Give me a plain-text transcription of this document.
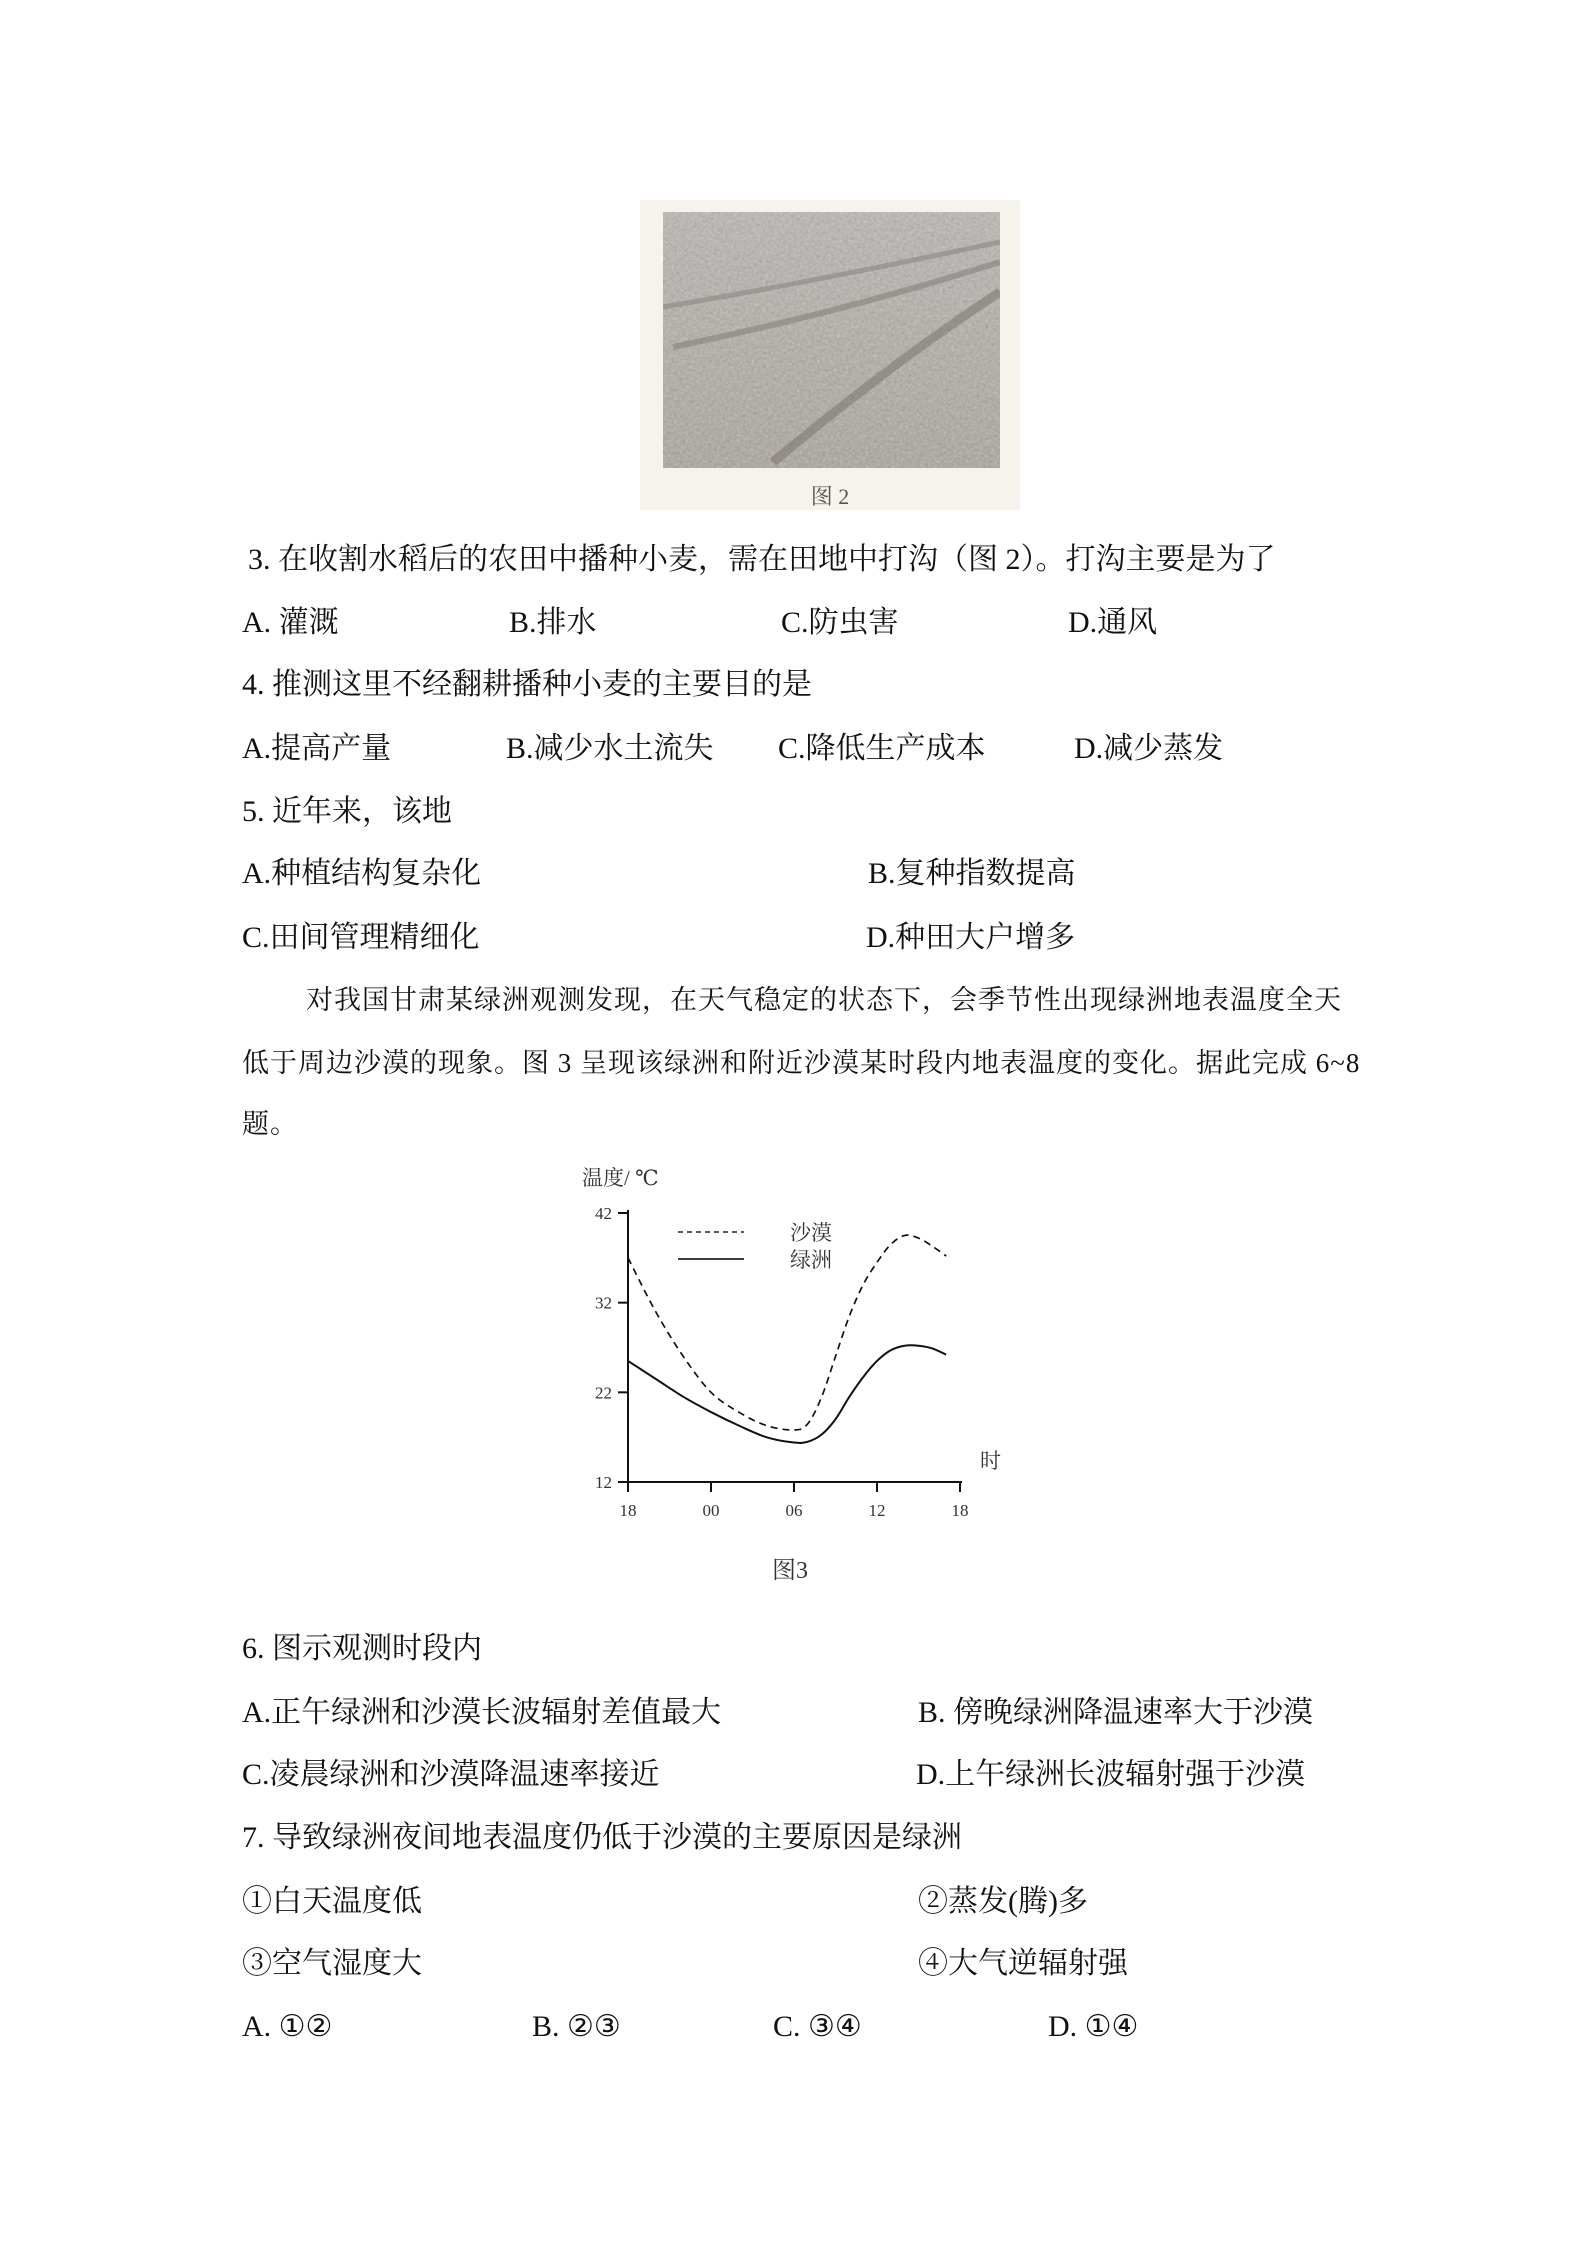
图 2
3. 在收割水稻后的农田中播种小麦，需在田地中打沟（图 2）。打沟主要是为了
A. 灌溉	B.排水	C.防虫害	D.通风
4. 推测这里不经翻耕播种小麦的主要目的是
A.提高产量	B.减少水土流失 C.降低生产成本	D.减少蒸发
5. 近年来，该地
A.种植结构复杂化	B.复种指数提高
C.田间管理精细化	D.种田大户增多
对我国甘肃某绿洲观测发现，在天气稳定的状态下，会季节性出现绿洲地表温度全天
低于周边沙漠的现象。图 3 呈现该绿洲和附近沙漠某时段内地表温度的变化。据此完成 6~8
题。
温度/ ℃
12
22
32
42
18	00	06	12	18
时
沙漠
绿洲
图3
6. 图示观测时段内
A.正午绿洲和沙漠长波辐射差值最大	B. 傍晚绿洲降温速率大于沙漠
C.凌晨绿洲和沙漠降温速率接近	D.上午绿洲长波辐射强于沙漠
7. 导致绿洲夜间地表温度仍低于沙漠的主要原因是绿洲
①白天温度低	②蒸发(腾)多
③空气湿度大	④大气逆辐射强
A. ①②	B. ②③	C. ③④	D. ①④
